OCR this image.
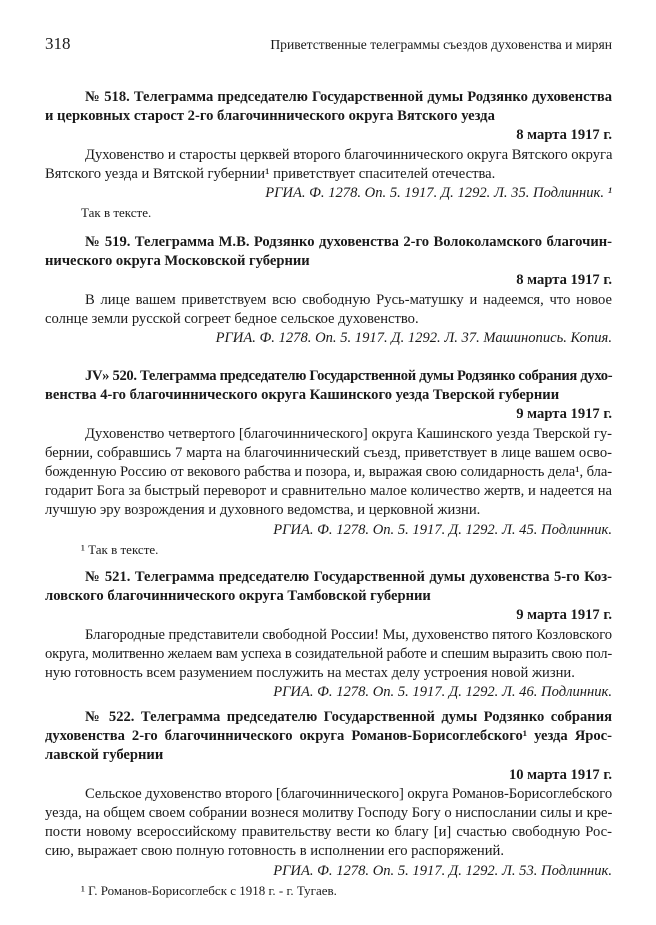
318	Приветственные телеграммы съездов духовенства и мирян
№ 518. Телеграмма председателю Государственной думы Родзянко духовенства
и церковных старост 2-го благочиннического округа Вятского уезда
8 марта 1917 г.
Духовенство и старосты церквей второго благочиннического округа Вятского округа
Вятского уезда и Вятской губернии¹ приветствует спасителей отечества.
РГИА. Ф. 1278. Оп. 5. 1917. Д. 1292. Л. 35. Подлинник. ¹
Так в тексте.
№ 519. Телеграмма М.В. Родзянко духовенства 2-го Волоколамского благочин-
нического округа Московской губернии
8 марта 1917 г.
В лице вашем приветствуем всю свободную Русь-матушку и надеемся, что новое
солнце земли русской согреет бедное сельское духовенство.
РГИА. Ф. 1278. Оп. 5. 1917. Д. 1292. Л. 37. Машинопись. Копия.
JV» 520. Телеграмма председателю Государственной думы Родзянко собрания духо-
венства 4-го благочиннического округа Кашинского уезда Тверской губернии
9 марта 1917 г.
Духовенство четвертого [благочиннического] округа Кашинского уезда Тверской гу-
бернии, собравшись 7 марта на благочиннический съезд, приветствует в лице вашем осво-
божденную Россию от векового рабства и позора, и, выражая свою солидарность дела¹, бла-
годарит Бога за быстрый переворот и сравнительно малое количество жертв, и надеется на
лучшую эру возрождения и духовного ведомства, и церковной жизни.
РГИА. Ф. 1278. Оп. 5. 1917. Д. 1292. Л. 45. Подлинник.
¹ Так в тексте.
№ 521. Телеграмма председателю Государственной думы духовенства 5-го Коз-
ловского благочиннического округа Тамбовской губернии
9 марта 1917 г.
Благородные представители свободной России! Мы, духовенство пятого Козловского
округа, молитвенно желаем вам успеха в созидательной работе и спешим выразить свою пол-
ную готовность всем разумением послужить на местах делу устроения новой жизни.
РГИА. Ф. 1278. Оп. 5. 1917. Д. 1292. Л. 46. Подлинник.
№ 522. Телеграмма председателю Государственной думы Родзянко собрания
духовенства 2-го благочиннического округа Романов-Борисоглебского¹ уезда Ярос-
лавской губернии
10 марта 1917 г.
Сельское духовенство второго [благочиннического] округа Романов-Борисоглебского
уезда, на общем своем собрании вознеся молитву Господу Богу о ниспослании силы и кре-
пости новому всероссийскому правительству вести ко благу [и] счастью свободную Рос-
сию, выражает свою полную готовность в исполнении его распоряжений.
РГИА. Ф. 1278. Оп. 5. 1917. Д. 1292. Л. 53. Подлинник.
¹ Г. Романов-Борисоглебск с 1918 г. - г. Тугаев.
